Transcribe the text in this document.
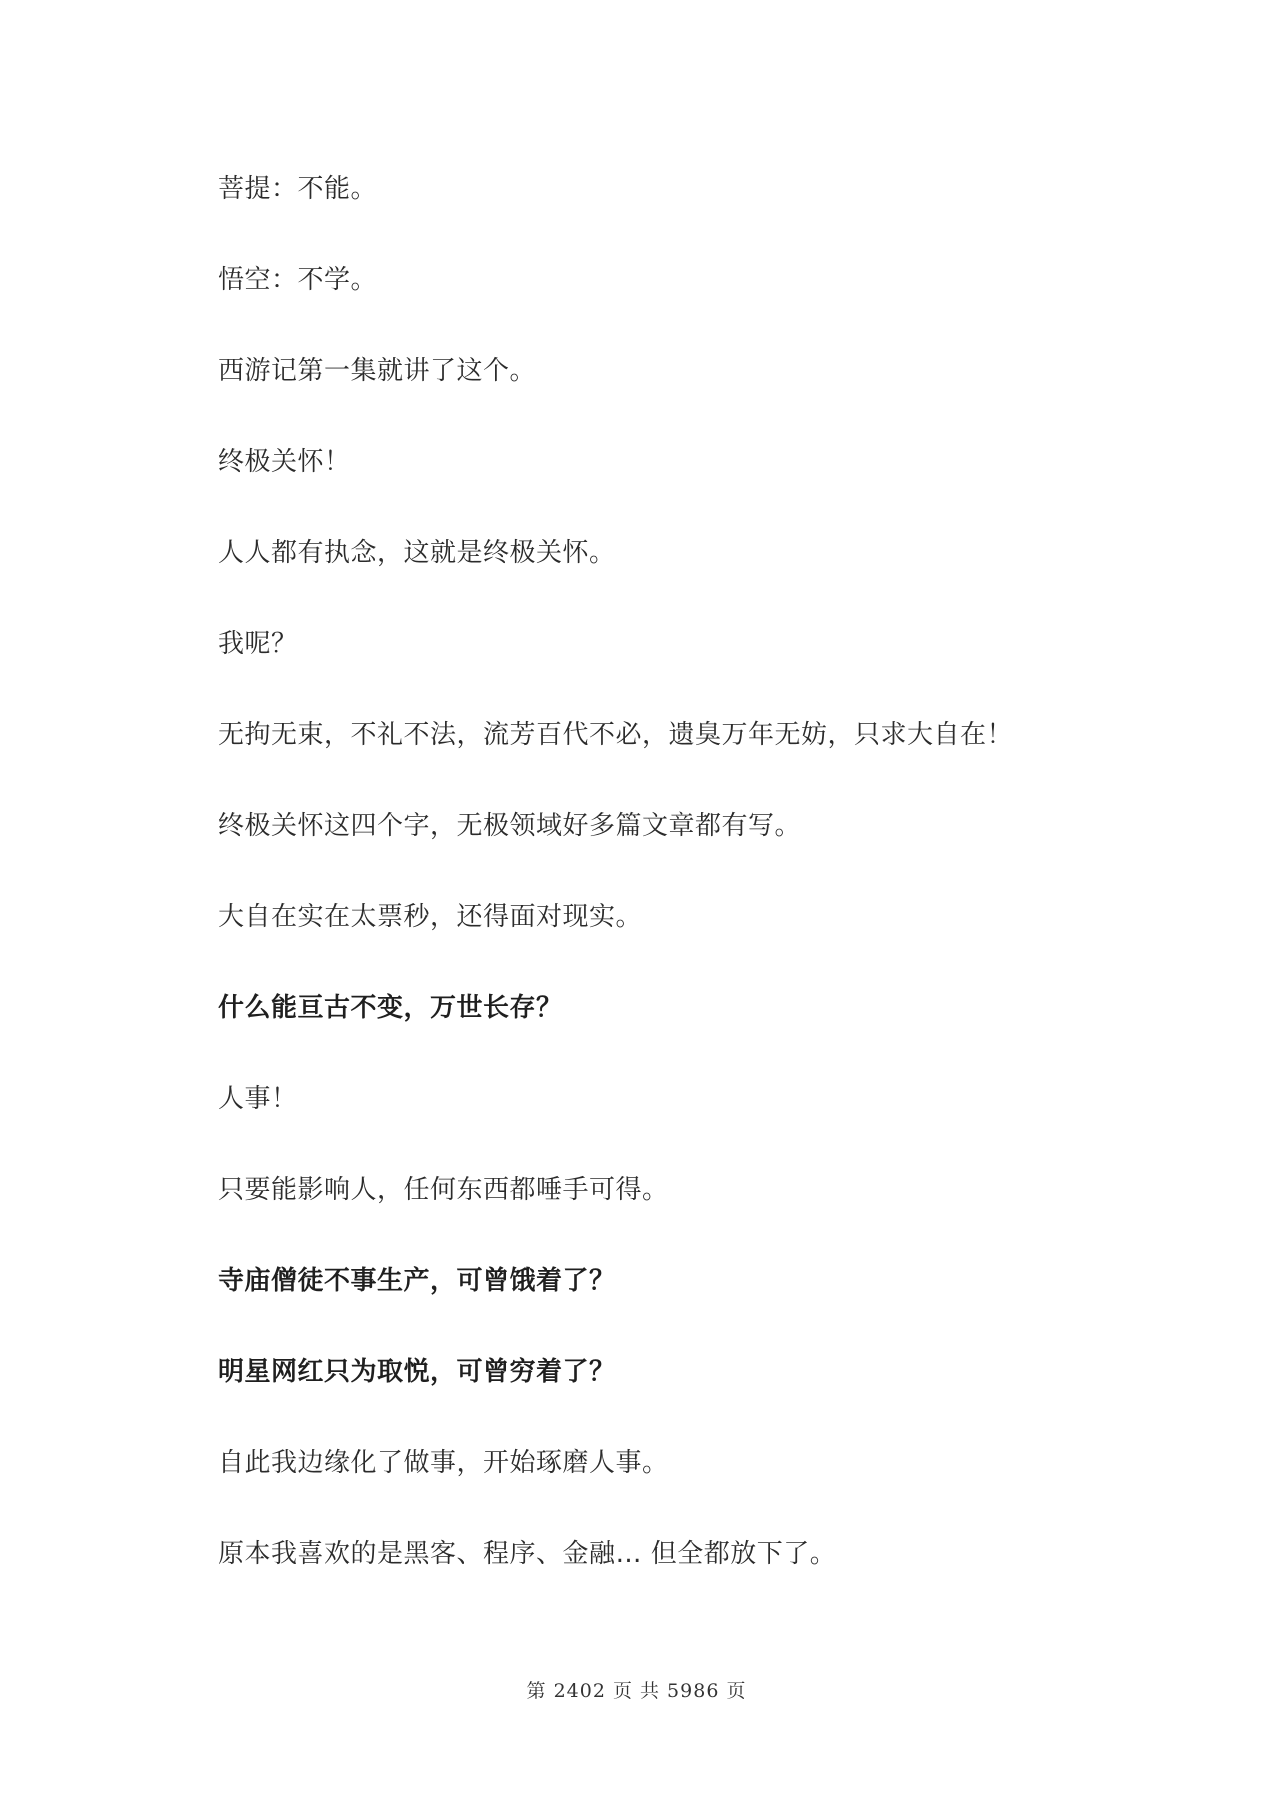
菩提：不能。

悟空：不学。

西游记第一集就讲了这个。

终极关怀！

人人都有执念，这就是终极关怀。

我呢？

无拘无束，不礼不法，流芳百代不必，遗臭万年无妨，只求大自在！

终极关怀这四个字，无极领域好多篇文章都有写。

大自在实在太票秒，还得面对现实。

什么能亘古不变，万世长存？

人事！

只要能影响人，任何东西都唾手可得。

寺庙僧徒不事生产，可曾饿着了？

明星网红只为取悦，可曾穷着了？

自此我边缘化了做事，开始琢磨人事。

原本我喜欢的是黑客、程序、金融… 但全都放下了。

第 2402 页 共 5986 页
